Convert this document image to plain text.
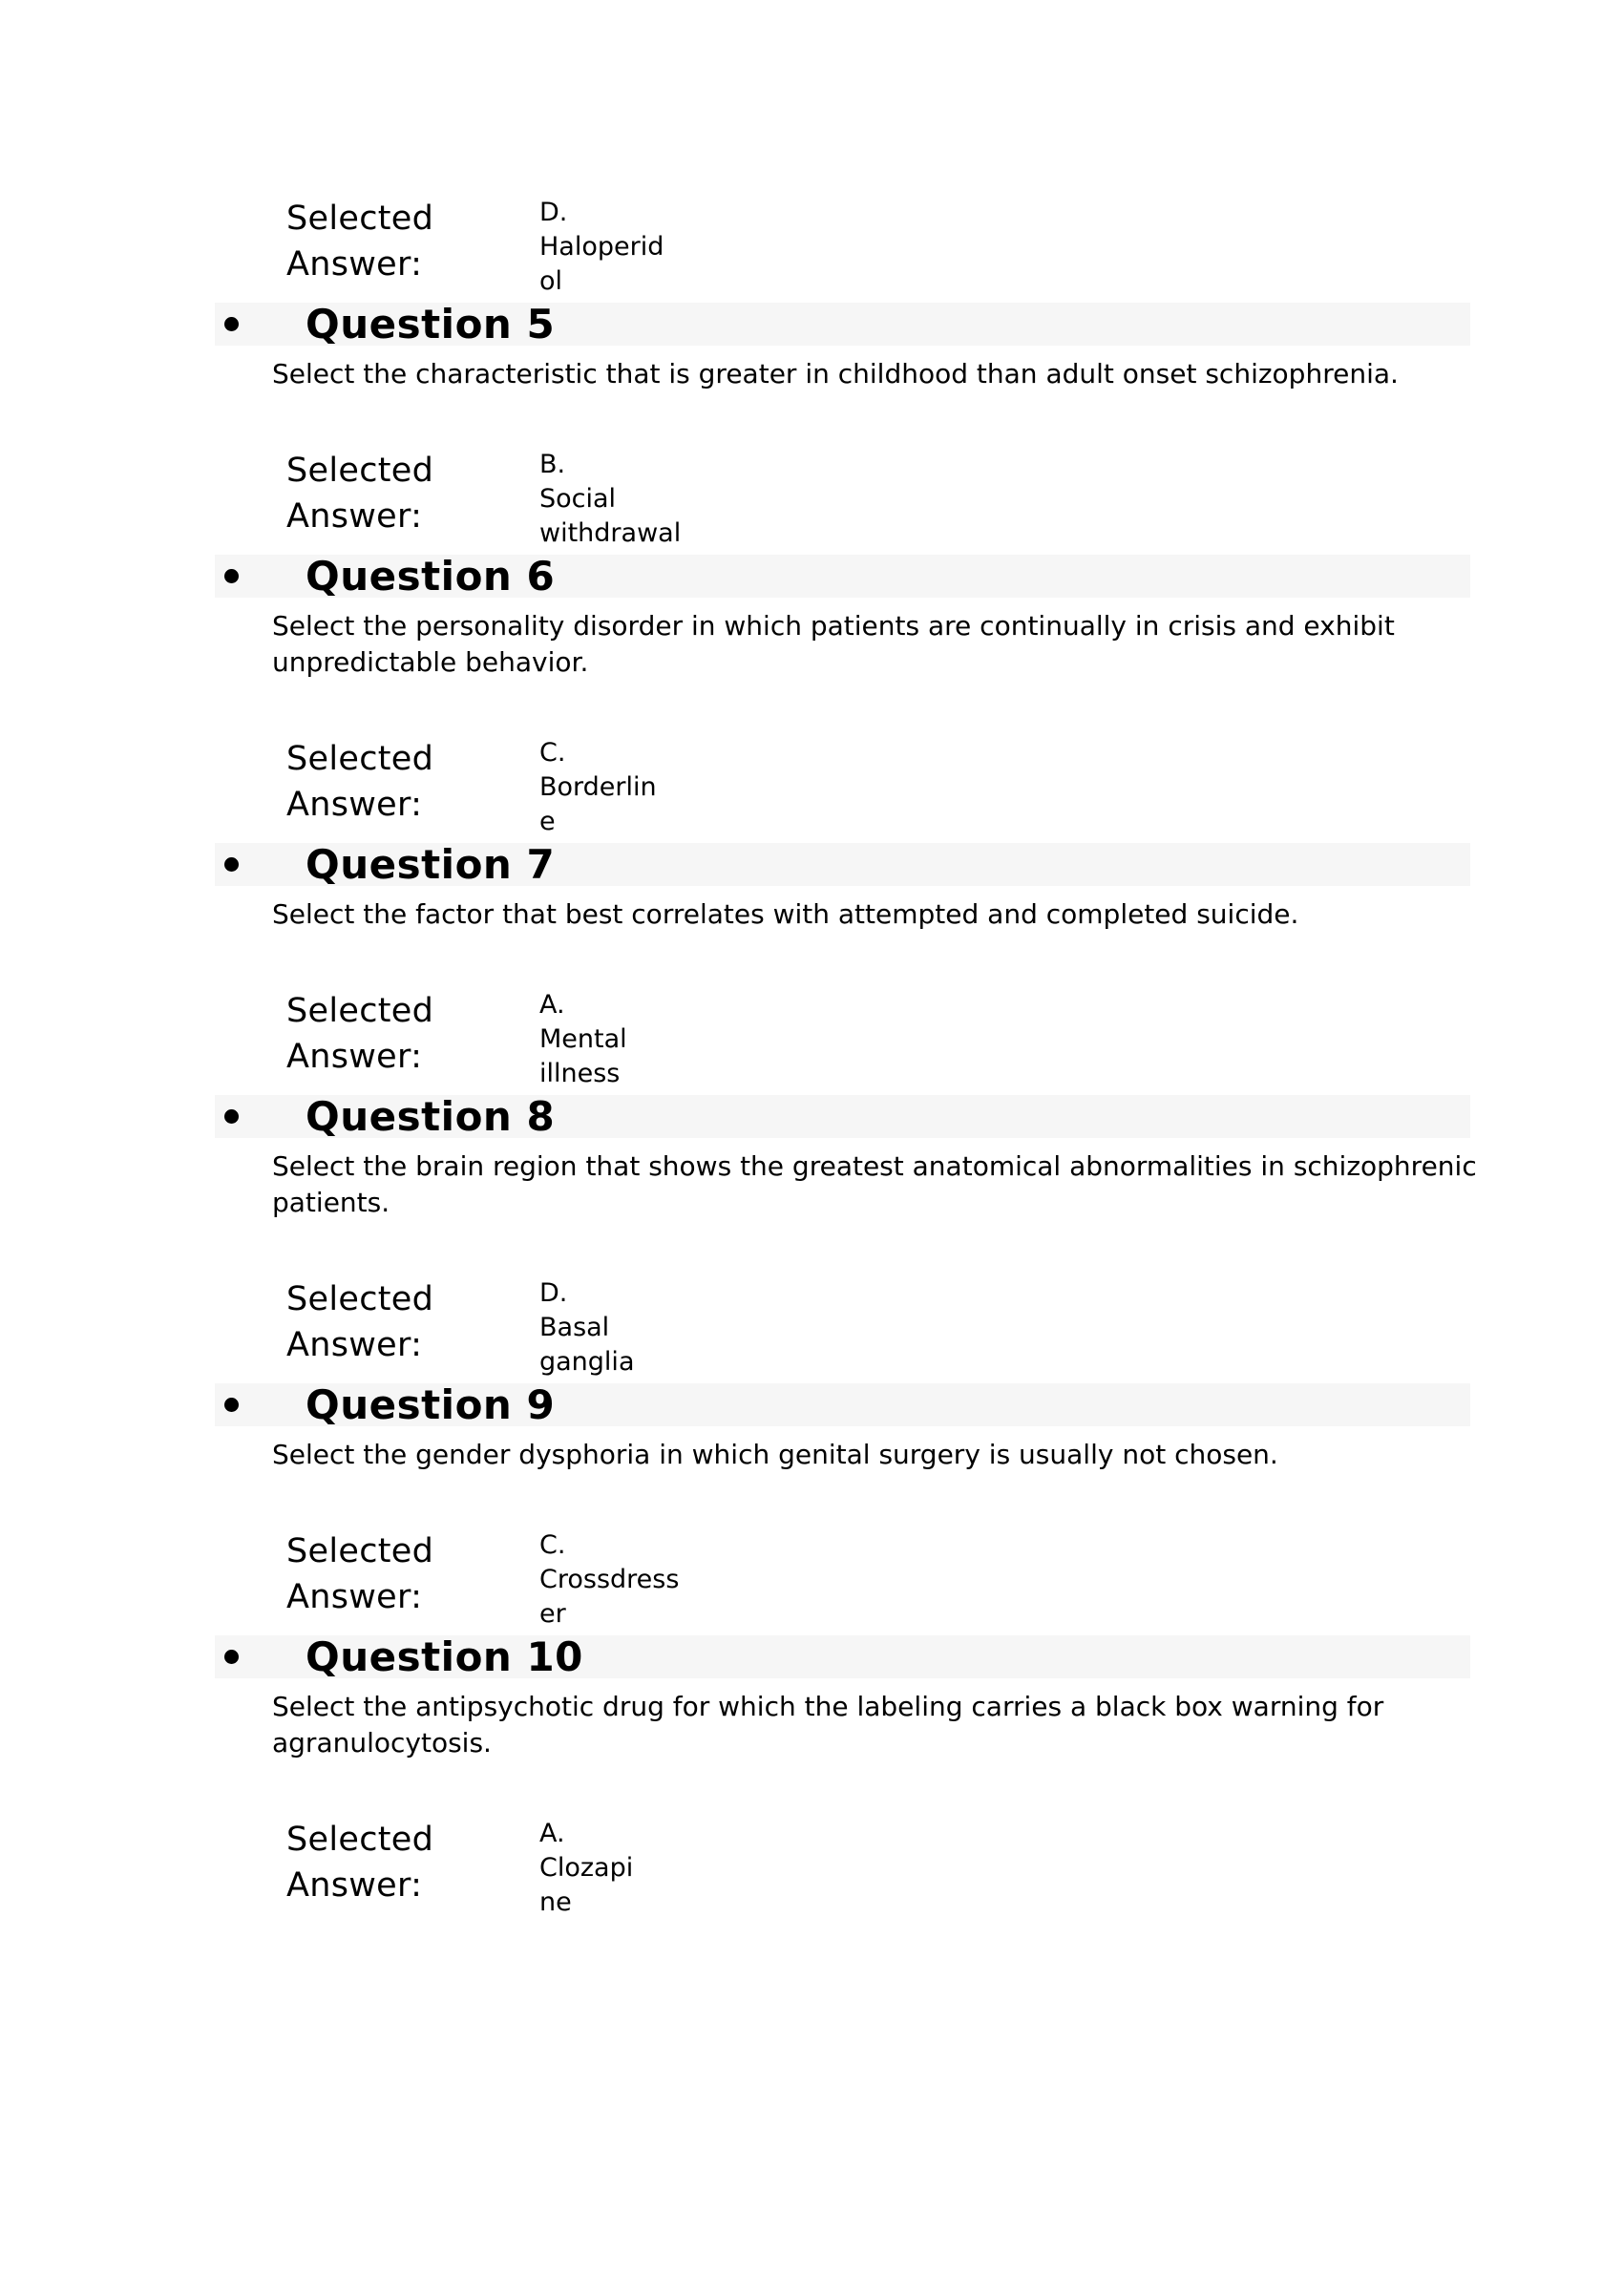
Selected Answer:
D.
Haloperid
ol
Question 5

Select the characteristic that is greater in childhood than adult onset schizophrenia.

Selected Answer:
B.
Social
withdrawal
Question 6

Select the personality disorder in which patients are continually in crisis and exhibit unpredictable behavior.

Selected Answer:
C.
Borderlin
e
Question 7

Select the factor that best correlates with attempted and completed suicide.

Selected Answer:
A.
Mental
illness
Question 8

Select the brain region that shows the greatest anatomical abnormalities in schizophrenic patients.

Selected Answer:
D.
Basal
ganglia
Question 9

Select the gender dysphoria in which genital surgery is usually not chosen.

Selected Answer:
C.
Crossdress
er
Question 10

Select the antipsychotic drug for which the labeling carries a black box warning for agranulocytosis.

Selected Answer:
A.
Clozapi
ne
